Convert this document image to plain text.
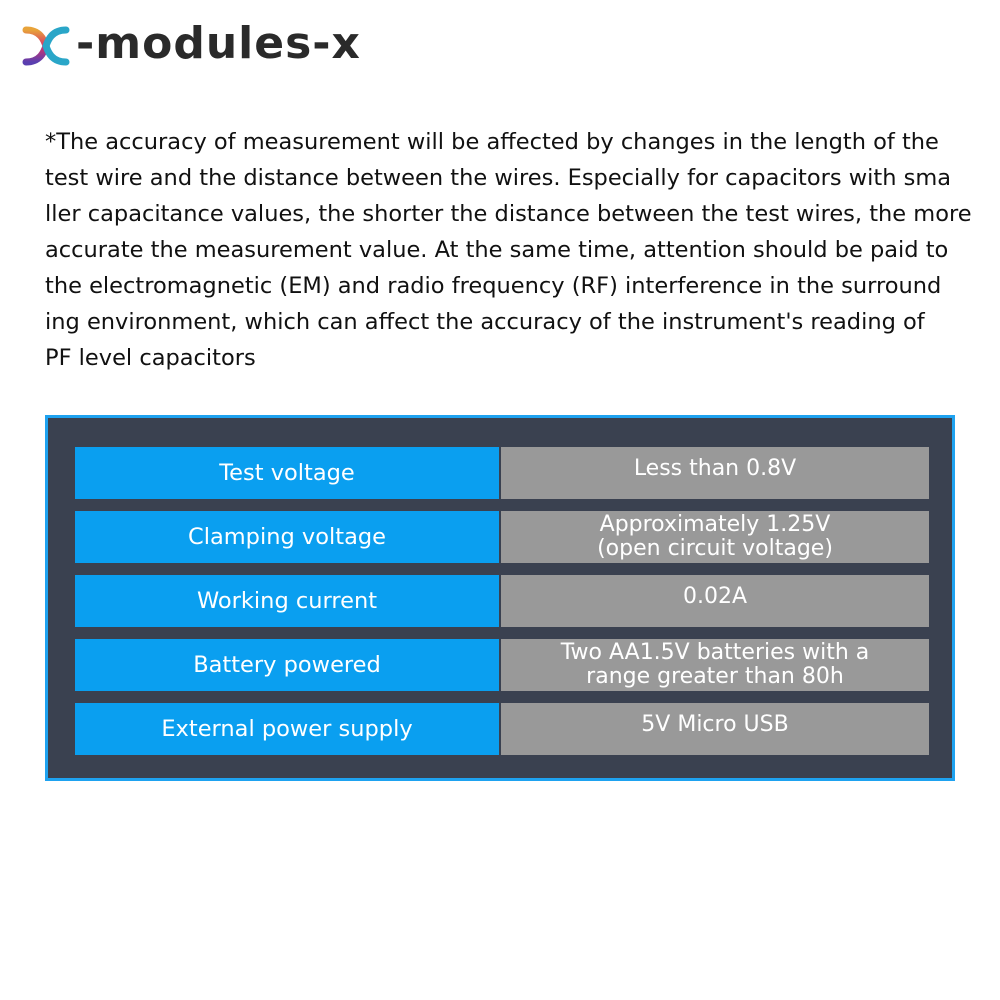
-modules-x

*The accuracy of measurement will be affected by changes in the length of the
test wire and the distance between the wires. Especially for capacitors with sma
ller capacitance values, the shorter the distance between the test wires, the more
accurate the measurement value. At the same time, attention should be paid to
the electromagnetic (EM) and radio frequency (RF) interference in the surround
ing environment, which can affect the accuracy of the instrument's reading of
PF level capacitors

Test voltage	Less than 0.8V
Clamping voltage	Approximately 1.25V
(open circuit voltage)
Working current	0.02A
Battery powered	Two AA1.5V batteries with a
range greater than 80h
External power supply	5V Micro USB
